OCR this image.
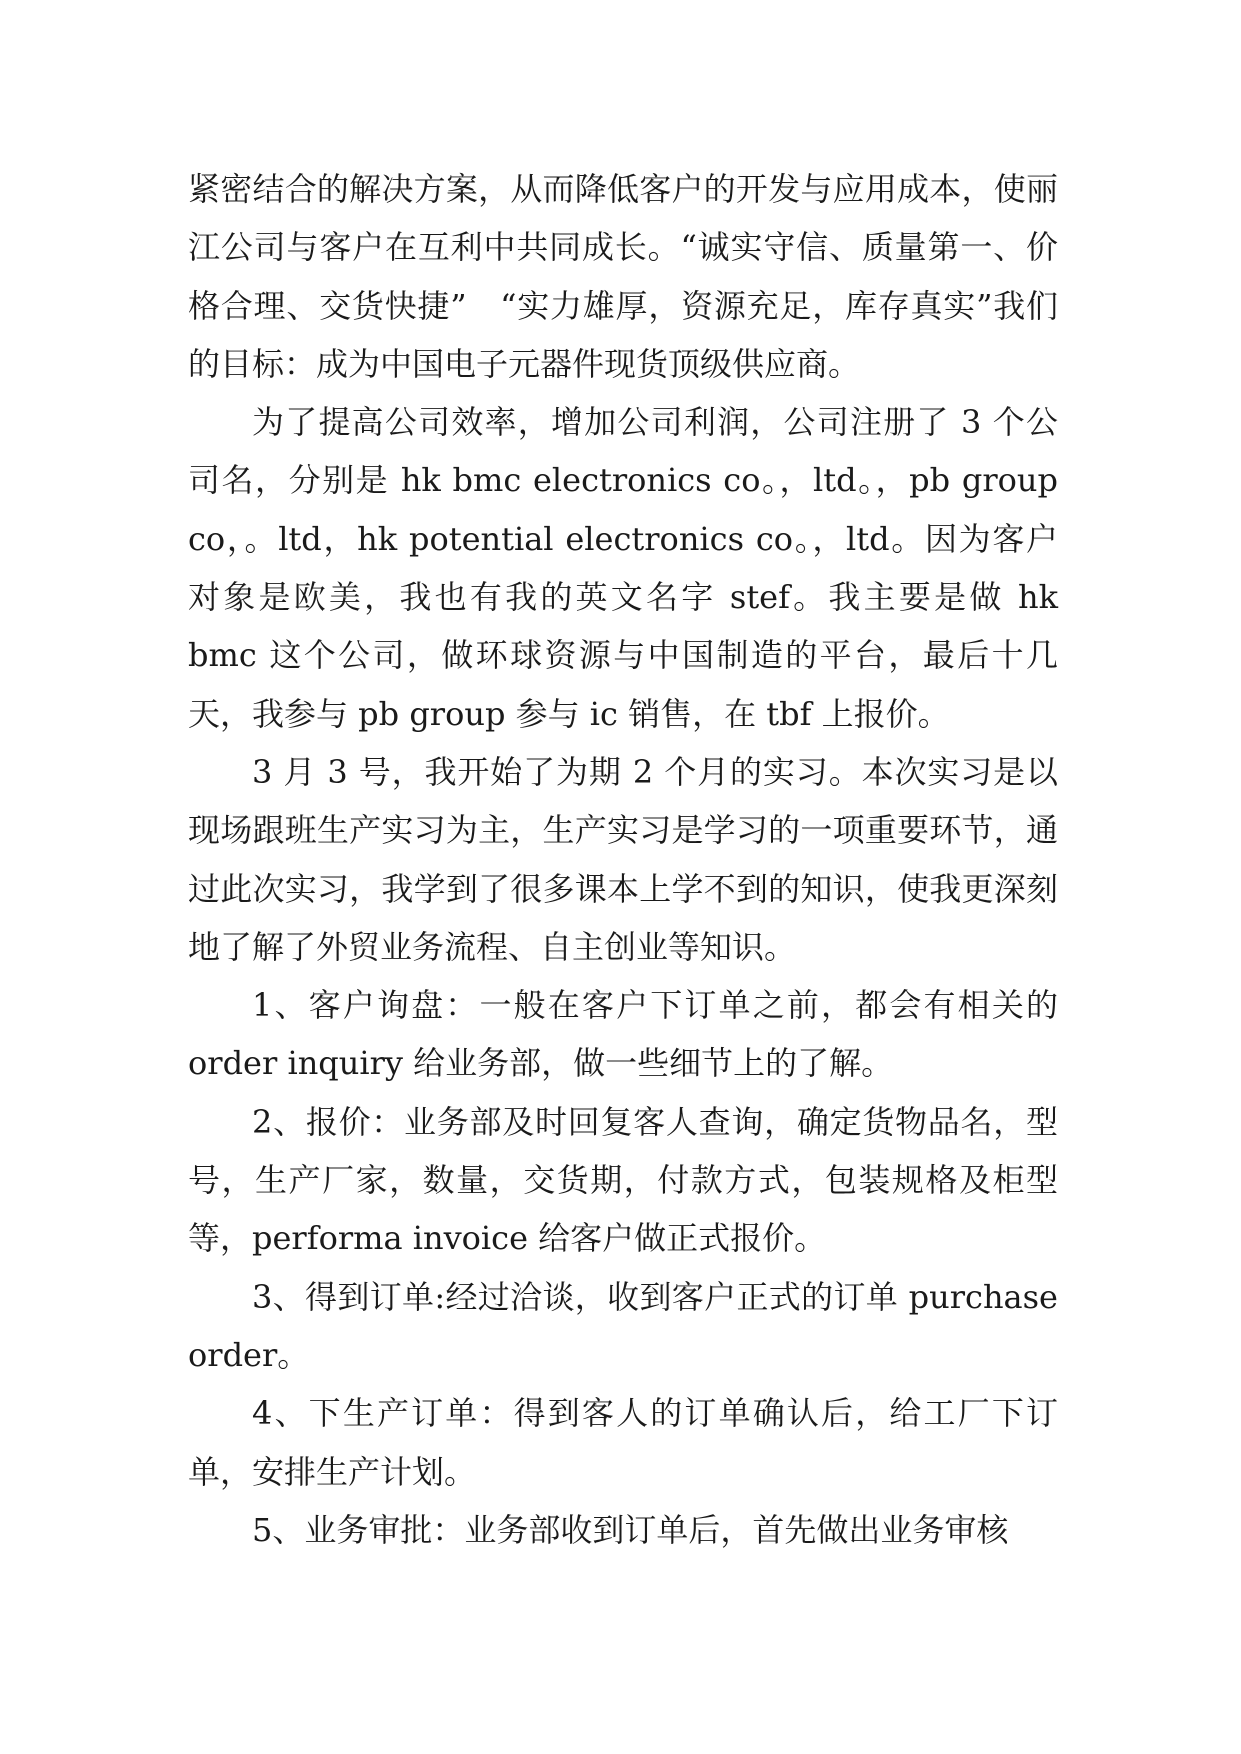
紧密结合的解决方案，从而降低客户的开发与应用成本，使丽江公司与客户在互利中共同成长。“诚实守信、质量第一、价格合理、交货快捷”　“实力雄厚，资源充足，库存真实”我们的目标：成为中国电子元器件现货顶级供应商。

为了提高公司效率，增加公司利润，公司注册了 3 个公司名，分别是 hk bmc electronics co。，ltd。，pb group co，。ltd，hk potential electronics co。，ltd。因为客户对象是欧美，我也有我的英文名字 stef。我主要是做 hk bmc 这个公司，做环球资源与中国制造的平台，最后十几天，我参与 pb group 参与 ic 销售，在 tbf 上报价。

3 月 3 号，我开始了为期 2 个月的实习。本次实习是以现场跟班生产实习为主，生产实习是学习的一项重要环节，通过此次实习，我学到了很多课本上学不到的知识，使我更深刻地了解了外贸业务流程、自主创业等知识。

1、客户询盘：一般在客户下订单之前，都会有相关的 order inquiry 给业务部，做一些细节上的了解。

2、报价：业务部及时回复客人查询，确定货物品名，型号，生产厂家，数量，交货期，付款方式，包装规格及柜型等，performa invoice 给客户做正式报价。

3、得到订单:经过洽谈，收到客户正式的订单 purchase order。

4、下生产订单：得到客人的订单确认后，给工厂下订单，安排生产计划。

5、业务审批：业务部收到订单后，首先做出业务审核
